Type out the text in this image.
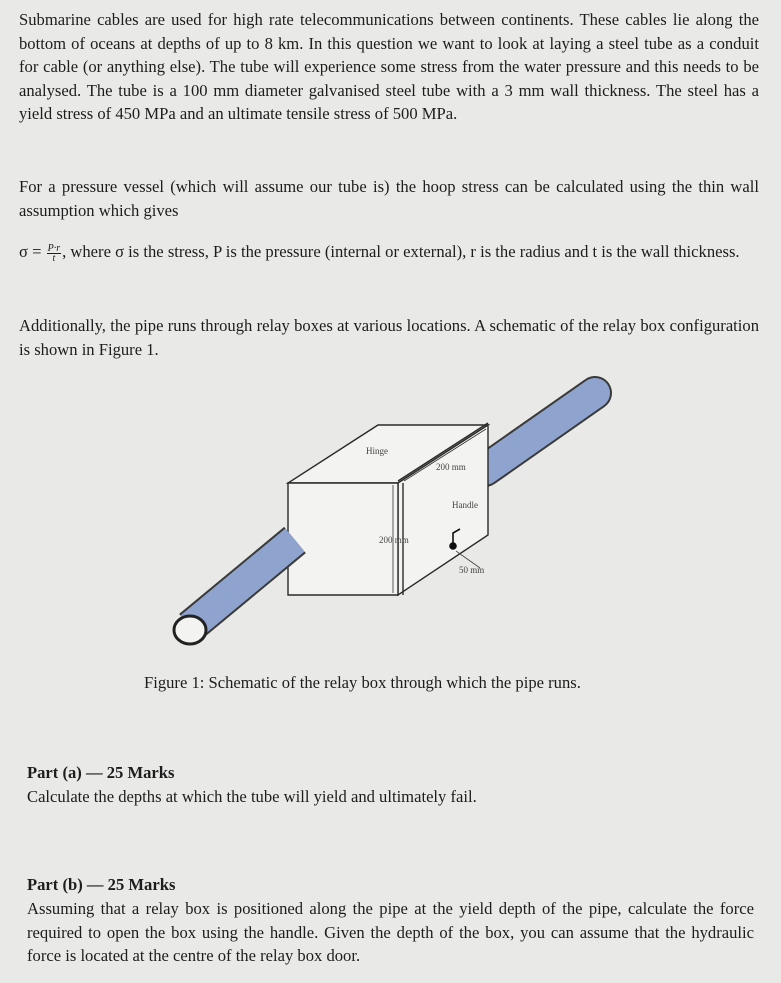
Submarine cables are used for high rate telecommunications between continents. These cables lie along the bottom of oceans at depths of up to 8 km. In this question we want to look at laying a steel tube as a conduit for cable (or anything else). The tube will experience some stress from the water pressure and this needs to be analysed. The tube is a 100 mm diameter galvanised steel tube with a 3 mm wall thickness. The steel has a yield stress of 450 MPa and an ultimate tensile stress of 500 MPa.

For a pressure vessel (which will assume our tube is) the hoop stress can be calculated using the thin wall assumption which gives

$\sigma = \frac{P\cdot r}{t}$ , where σ is the stress, P is the pressure (internal or external), r is the radius and t is the wall thickness.

Additionally, the pipe runs through relay boxes at various locations. A schematic of the relay box configuration is shown in Figure 1.

Hinge
200 mm
Handle
200 mm
50 mm
Figure 1: Schematic of the relay box through which the pipe runs.
Part (a) — 25 Marks

Calculate the depths at which the tube will yield and ultimately fail.

Part (b) — 25 Marks

Assuming that a relay box is positioned along the pipe at the yield depth of the pipe, calculate the force required to open the box using the handle. Given the depth of the box, you can assume that the hydraulic force is located at the centre of the relay box door.
